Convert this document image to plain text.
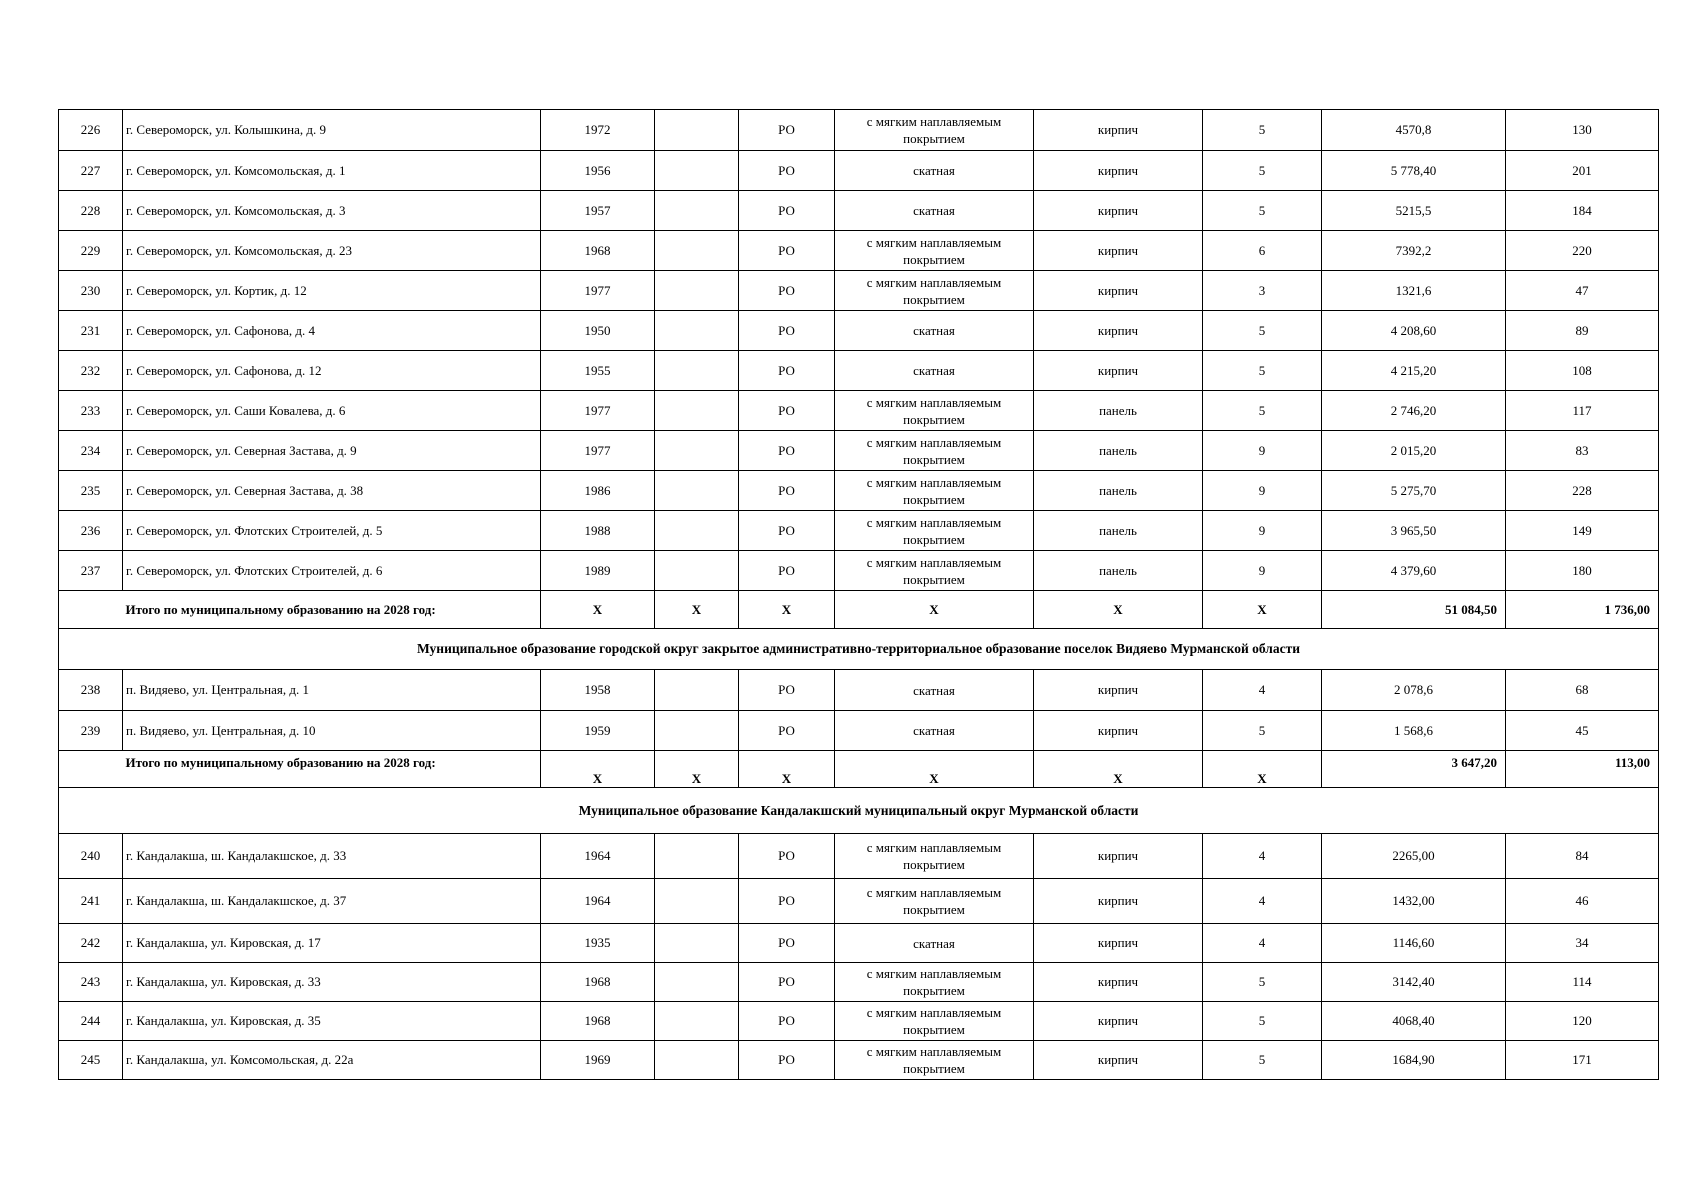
226	г. Североморск, ул. Колышкина, д. 9	1972		РО	с мягким наплавляемым покрытием	кирпич	5	4570,8	130
227	г. Североморск, ул. Комсомольская, д. 1	1956		РО	скатная	кирпич	5	5 778,40	201
228	г. Североморск, ул. Комсомольская, д. 3	1957		РО	скатная	кирпич	5	5215,5	184
229	г. Североморск, ул. Комсомольская, д. 23	1968		РО	с мягким наплавляемым покрытием	кирпич	6	7392,2	220
230	г. Североморск, ул. Кортик, д. 12	1977		РО	с мягким наплавляемым покрытием	кирпич	3	1321,6	47
231	г. Североморск, ул. Сафонова, д. 4	1950		РО	скатная	кирпич	5	4 208,60	89
232	г. Североморск, ул. Сафонова, д. 12	1955		РО	скатная	кирпич	5	4 215,20	108
233	г. Североморск, ул. Саши Ковалева, д. 6	1977		РО	с мягким наплавляемым покрытием	панель	5	2 746,20	117
234	г. Североморск, ул. Северная Застава, д. 9	1977		РО	с мягким наплавляемым покрытием	панель	9	2 015,20	83
235	г. Североморск, ул. Северная Застава, д. 38	1986		РО	с мягким наплавляемым покрытием	панель	9	5 275,70	228
236	г. Североморск, ул. Флотских Строителей, д. 5	1988		РО	с мягким наплавляемым покрытием	панель	9	3 965,50	149
237	г. Североморск, ул. Флотских Строителей, д. 6	1989		РО	с мягким наплавляемым покрытием	панель	9	4 379,60	180
	Итого по муниципальному образованию на 2028 год:	X	X	X	X	X	X	51 084,50	1 736,00
Муниципальное образование городской округ закрытое административно-территориальное образование поселок Видяево Мурманской области									
238	п. Видяево, ул. Центральная, д. 1	1958		РО	скатная	кирпич	4	2 078,6	68
239	п. Видяево, ул. Центральная, д. 10	1959		РО	скатная	кирпич	5	1 568,6	45
	Итого по муниципальному образованию на 2028 год:	X	X	X	X	X	X	3 647,20	113,00
Муниципальное образование Кандалакшский муниципальный округ Мурманской области									
240	г. Кандалакша, ш. Кандалакшское, д. 33	1964		РО	с мягким наплавляемым покрытием	кирпич	4	2265,00	84
241	г. Кандалакша, ш. Кандалакшское, д. 37	1964		РО	с мягким наплавляемым покрытием	кирпич	4	1432,00	46
242	г. Кандалакша, ул. Кировская, д. 17	1935		РО	скатная	кирпич	4	1146,60	34
243	г. Кандалакша, ул. Кировская, д. 33	1968		РО	с мягким наплавляемым покрытием	кирпич	5	3142,40	114
244	г. Кандалакша, ул. Кировская, д. 35	1968		РО	с мягким наплавляемым покрытием	кирпич	5	4068,40	120
245	г. Кандалакша, ул. Комсомольская, д. 22а	1969		РО	с мягким наплавляемым покрытием	кирпич	5	1684,90	171
